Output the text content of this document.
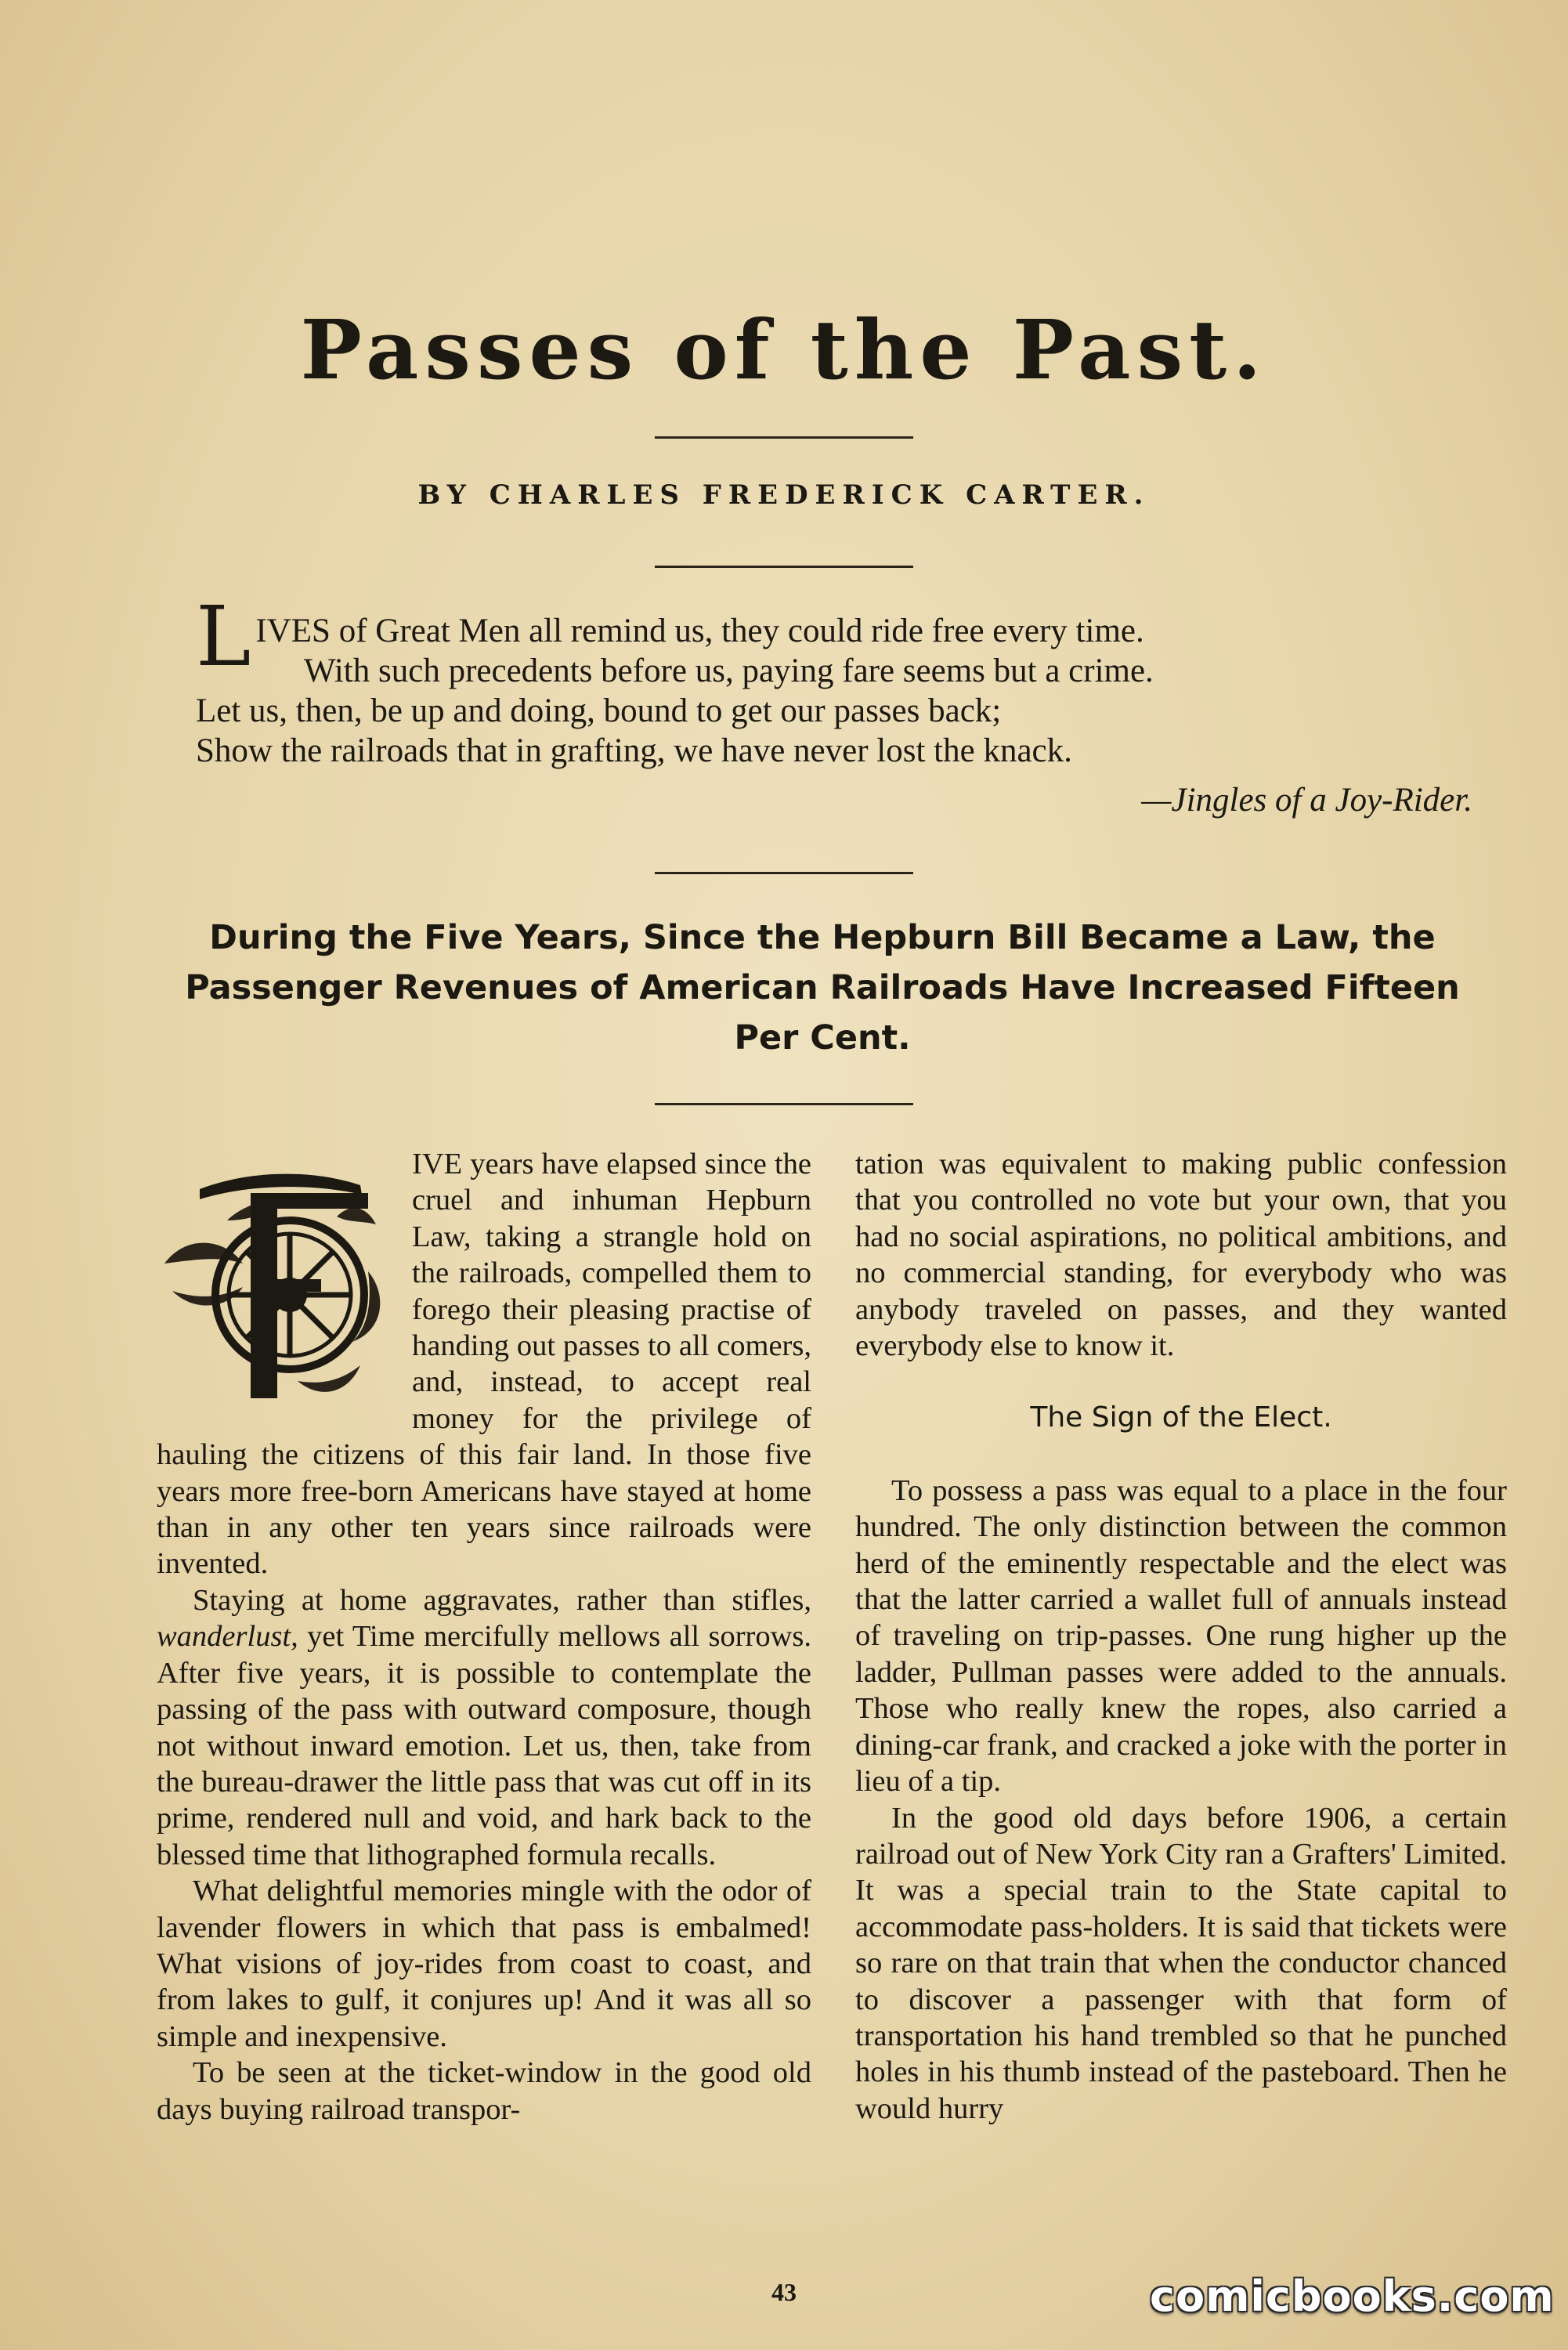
Passes of the Past.
BY CHARLES FREDERICK CARTER.
LIVES of Great Men all remind us, they could ride free every time.
With such precedents before us, paying fare seems but a crime.
Let us, then, be up and doing, bound to get our passes back;
Show the railroads that in grafting, we have never lost the knack.
—Jingles of a Joy-Rider.
During the Five Years, Since the Hepburn Bill Became a Law, the Passenger Revenues of American Railroads Have Increased Fifteen Per Cent.

IVE years have elapsed since the cruel and inhuman Hepburn Law, taking a strangle hold on the railroads, compelled them to forego their pleasing practise of handing out passes to all comers, and, instead, to accept real money for the privilege of hauling the citizens of this fair land. In those five years more free-born Americans have stayed at home than in any other ten years since railroads were invented.

Staying at home aggravates, rather than stifles, wanderlust, yet Time mercifully mellows all sorrows. After five years, it is possible to contemplate the passing of the pass with outward composure, though not without inward emotion. Let us, then, take from the bureau-drawer the little pass that was cut off in its prime, rendered null and void, and hark back to the blessed time that lithographed formula recalls.

What delightful memories mingle with the odor of lavender flowers in which that pass is embalmed! What visions of joy-rides from coast to coast, and from lakes to gulf, it conjures up! And it was all so simple and inexpensive.

To be seen at the ticket-window in the good old days buying railroad transpor-

tation was equivalent to making public confession that you controlled no vote but your own, that you had no social aspirations, no political ambitions, and no commercial standing, for everybody who was anybody traveled on passes, and they wanted everybody else to know it.

The Sign of the Elect.

To possess a pass was equal to a place in the four hundred. The only distinction between the common herd of the eminently respectable and the elect was that the latter carried a wallet full of annuals instead of traveling on trip-passes. One rung higher up the ladder, Pullman passes were added to the annuals. Those who really knew the ropes, also carried a dining-car frank, and cracked a joke with the porter in lieu of a tip.

In the good old days before 1906, a certain railroad out of New York City ran a Grafters' Limited. It was a special train to the State capital to accommodate pass-holders. It is said that tickets were so rare on that train that when the conductor chanced to discover a passenger with that form of transportation his hand trembled so that he punched holes in his thumb instead of the pasteboard. Then he would hurry

43	comicbooks.com
